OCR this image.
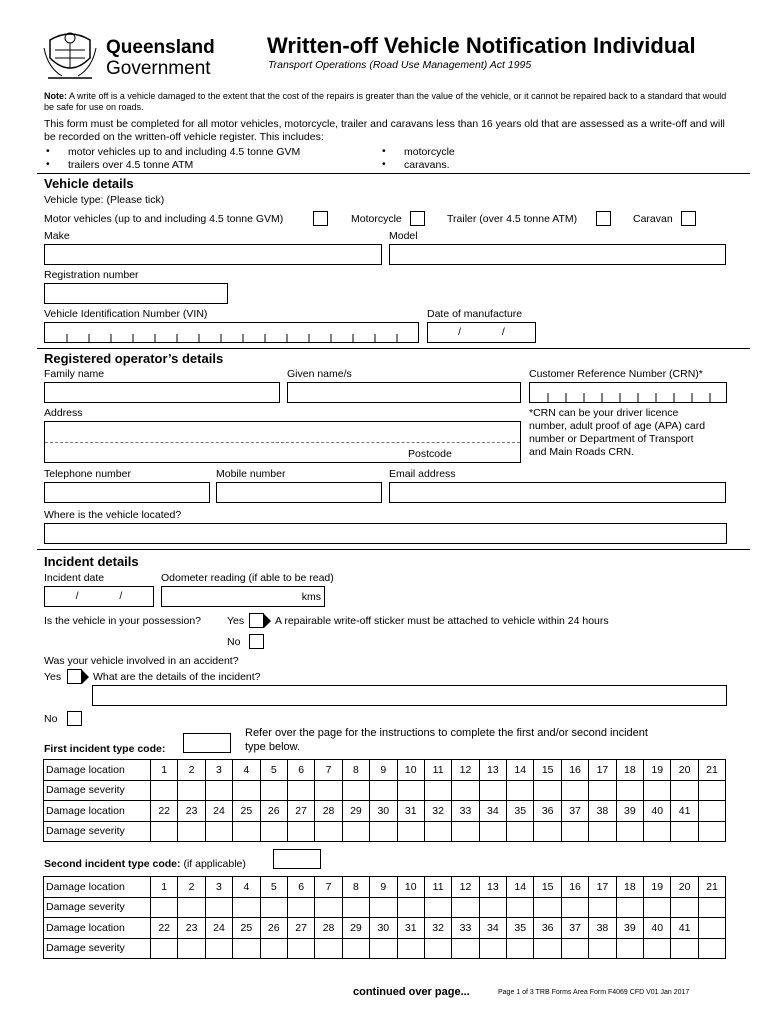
Queensland
Government
Written-off Vehicle Notification Individual
Transport Operations (Road Use Management) Act 1995
Note: A write off is a vehicle damaged to the extent that the cost of the repairs is greater than the value of the vehicle, or it cannot be repaired back to a standard that would be safe for use on roads.
This form must be completed for all motor vehicles, motorcycle, trailer and caravans less than 16 years old that are assessed as a write-off and will be recorded on the written-off vehicle register. This includes:
• motor vehicles up to and including 4.5 tonne GVM
• trailers over 4.5 tonne ATM
• motorcycle
• caravans.
Vehicle details
Vehicle type: (Please tick)
Motor vehicles (up to and including 4.5 tonne GVM)	Motorcycle	Trailer (over 4.5 tonne ATM)	Caravan
Make	Model
Registration number
Vehicle Identification Number (VIN)	Date of manufacture
/              /
Registered operator’s details
Family name	Given name/s	Customer Reference Number (CRN)*
Address
Postcode
*CRN can be your driver licence
number, adult proof of age (APA) card
number or Department of Transport
and Main Roads CRN.
Telephone number	Mobile number	Email address
Where is the vehicle located?
Incident details
Incident date
/              /
Odometer reading (if able to be read)
kms
Is the vehicle in your possession? Yes	A repairable write-off sticker must be attached to vehicle within 24 hours
No
Was your vehicle involved in an accident?
Yes	What are the details of the incident?
No
Refer over the page for the instructions to complete the first and/or second incident
type below.
First incident type code:
Damage location	1	2	3	4	5	6	7	8	9	10	11	12	13	14	15	16	17	18	19	20	21
Damage severity																					
Damage location	22	23	24	25	26	27	28	29	30	31	32	33	34	35	36	37	38	39	40	41	
Damage severity																					
Second incident type code: (if applicable)
Damage location	1	2	3	4	5	6	7	8	9	10	11	12	13	14	15	16	17	18	19	20	21
Damage severity																					
Damage location	22	23	24	25	26	27	28	29	30	31	32	33	34	35	36	37	38	39	40	41	
Damage severity																					
continued over page...	Page 1 of 3 TRB Forms Area Form F4069 CFD V01 Jan 2017
